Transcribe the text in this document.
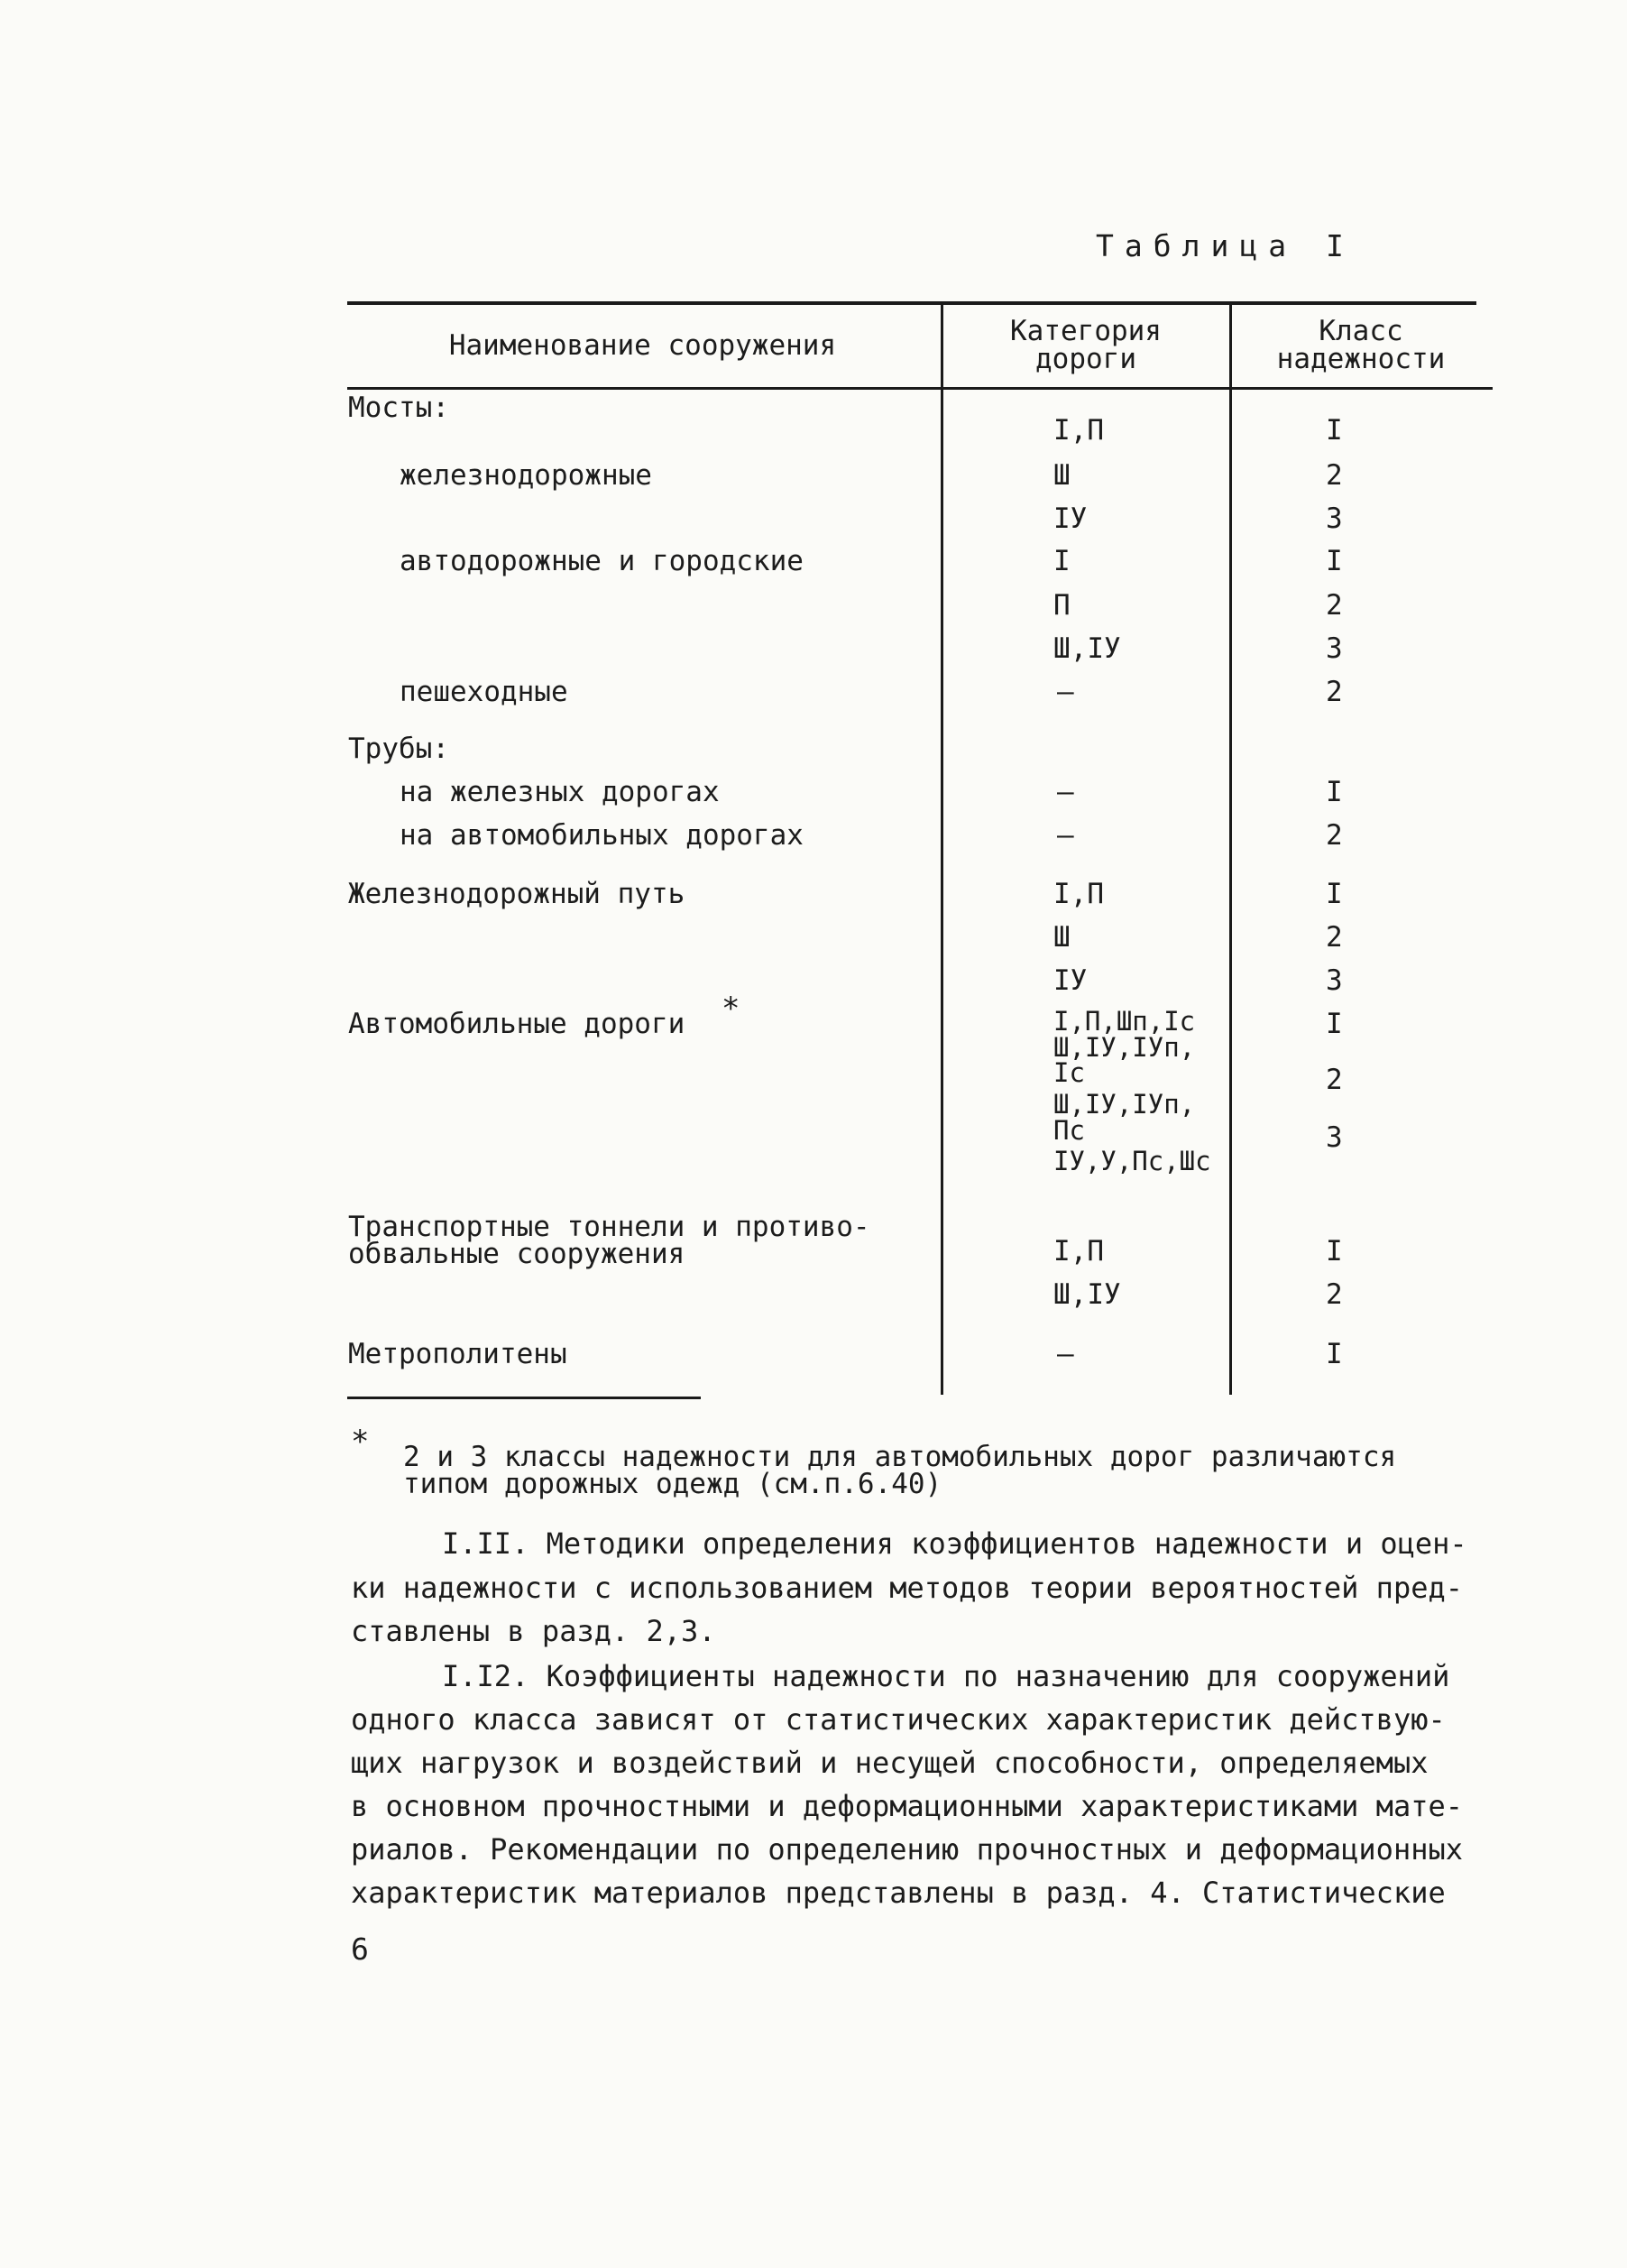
Таблица I
Наименование сооружения	Категория
дороги
Класс
надежности
Мосты:
железнодорожные
автодорожные и городские
пешеходные
Трубы:
на железных дорогах
на автомобильных дорогах
Железнодорожный путь
Автомобильные дороги *
Транспортные тоннели и противо-
обвальные сооружения
Метрополитены
I,П
Ш
IУ
I
П
Ш,IУ
–
–
–
I,П
Ш
IУ
I,П,Шп,Iс
Ш,IУ,IУп,
Iс
Ш,IУ,IУп,
Пс
IУ,У,Пс,Шс
I,П
Ш,IУ
–
I
2
3
I
2
3
2
I
2
I
2
3
I
2
3
I
2
I
* 2 и 3 классы надежности для автомобильных дорог различаются
типом дорожных одежд (см.п.6.40)
I.II. Методики определения коэффициентов надежности и оцен-
ки надежности с использованием методов теории вероятностей пред-
ставлены в разд. 2,3.
I.I2. Коэффициенты надежности по назначению для сооружений
одного класса зависят от статистических характеристик действую-
щих нагрузок и воздействий и несущей способности, определяемых
в основном прочностными и деформационными характеристиками мате-
риалов. Рекомендации по определению прочностных и деформационных
характеристик материалов представлены в разд. 4. Статистические
6
